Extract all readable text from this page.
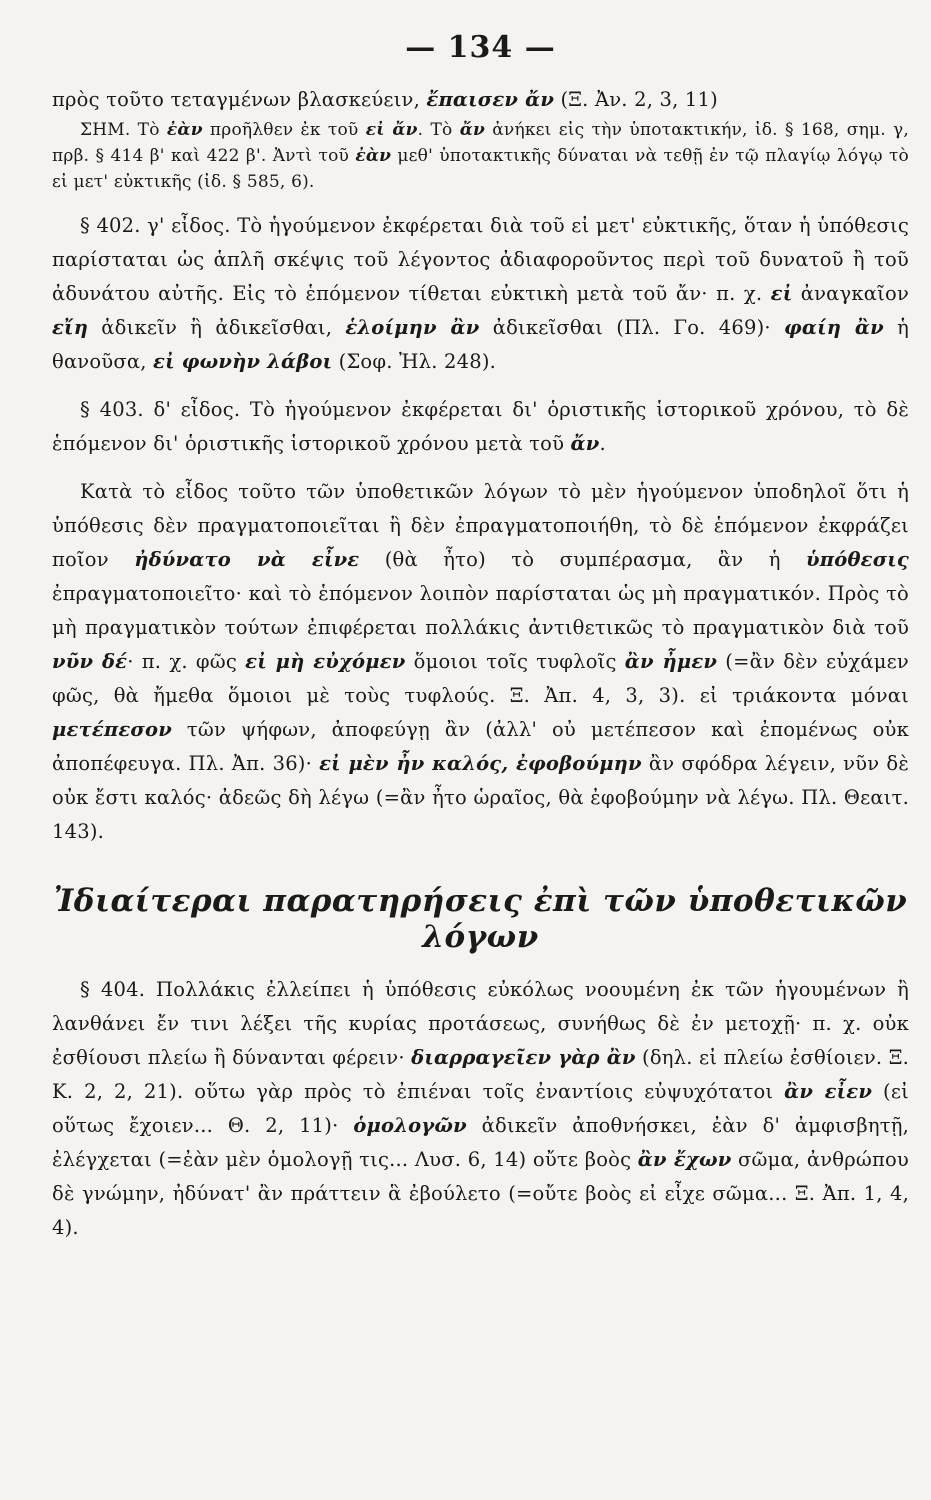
— 134 —

πρὸς τοῦτο τεταγμένων βλασκεύειν, ἔπαισεν ἄν (Ξ. Ἀν. 2, 3, 11)

ΣΗΜ. Τὸ ἐὰν προῆλθεν ἐκ τοῦ εἰ ἄν. Τὸ ἄν ἀνήκει εἰς τὴν ὑποτακτικήν, ἰδ. § 168, σημ. γ, πρβ. § 414 β' καὶ 422 β'. Ἀντὶ τοῦ ἐὰν μεθ' ὑποτακτικῆς δύναται νὰ τεθῇ ἐν τῷ πλαγίῳ λόγῳ τὸ εἰ μετ' εὐκτικῆς (ἰδ. § 585, 6).

§ 402. γ' εἶδος. Τὸ ἡγούμενον ἐκφέρεται διὰ τοῦ εἰ μετ' εὐκτικῆς, ὅταν ἡ ὑπόθεσις παρίσταται ὡς ἁπλῆ σκέψις τοῦ λέγοντος ἀδιαφοροῦντος περὶ τοῦ δυνατοῦ ἢ τοῦ ἀδυνάτου αὐτῆς. Εἰς τὸ ἑπόμενον τίθεται εὐκτικὴ μετὰ τοῦ ἄν· π. χ. εἰ ἀναγκαῖον εἴη ἀδικεῖν ἢ ἀδικεῖσθαι, ἑλοίμην ἂν ἀδικεῖσθαι (Πλ. Γο. 469)· φαίη ἂν ἡ θανοῦσα, εἰ φωνὴν λάβοι (Σοφ. Ἠλ. 248).

§ 403. δ' εἶδος. Τὸ ἡγούμενον ἐκφέρεται δι' ὁριστικῆς ἱστορικοῦ χρόνου, τὸ δὲ ἑπόμενον δι' ὁριστικῆς ἱστορικοῦ χρόνου μετὰ τοῦ ἄν.

Κατὰ τὸ εἶδος τοῦτο τῶν ὑποθετικῶν λόγων τὸ μὲν ἡγούμενον ὑποδηλοῖ ὅτι ἡ ὑπόθεσις δὲν πραγματοποιεῖται ἢ δὲν ἐπραγματοποιήθη, τὸ δὲ ἑπόμενον ἐκφράζει ποῖον ἠδύνατο νὰ εἶνε (θὰ ἦτο) τὸ συμπέρασμα, ἂν ἡ ὑπόθεσις ἐπραγματοποιεῖτο· καὶ τὸ ἑπόμενον λοιπὸν παρίσταται ὡς μὴ πραγματικόν. Πρὸς τὸ μὴ πραγματικὸν τούτων ἐπιφέρεται πολλάκις ἀντιθετικῶς τὸ πραγματικὸν διὰ τοῦ νῦν δέ· π. χ. φῶς εἰ μὴ εὐχόμεν ὅμοιοι τοῖς τυφλοῖς ἂν ἦμεν (=ἂν δὲν εὐχάμεν φῶς, θὰ ἤμεθα ὅμοιοι μὲ τοὺς τυφλούς. Ξ. Ἀπ. 4, 3, 3). εἰ τριάκοντα μόναι μετέπεσον τῶν ψήφων, ἀποφεύγῃ ἂν (ἀλλ' οὐ μετέπεσον καὶ ἐπομένως οὐκ ἀποπέφευγα. Πλ. Ἀπ. 36)· εἰ μὲν ἦν καλός, ἐφοβούμην ἂν σφόδρα λέγειν, νῦν δὲ οὐκ ἔστι καλός· ἀδεῶς δὴ λέγω (=ἂν ἦτο ὡραῖος, θὰ ἐφοβούμην νὰ λέγω. Πλ. Θεαιτ. 143).

Ἰδιαίτεραι παρατηρήσεις ἐπὶ τῶν ὑποθετικῶν λόγων

§ 404. Πολλάκις ἐλλείπει ἡ ὑπόθεσις εὐκόλως νοουμένη ἐκ τῶν ἡγουμένων ἢ λανθάνει ἔν τινι λέξει τῆς κυρίας προτάσεως, συνήθως δὲ ἐν μετοχῇ· π. χ. οὐκ ἐσθίουσι πλείω ἢ δύνανται φέρειν· διαρραγεῖεν γὰρ ἂν (δηλ. εἰ πλείω ἐσθίοιεν. Ξ. Κ. 2, 2, 21). οὕτω γὰρ πρὸς τὸ ἐπιέναι τοῖς ἐναντίοις εὐψυχότατοι ἂν εἶεν (εἰ οὕτως ἔχοιεν... Θ. 2, 11)· ὁμολογῶν ἀδικεῖν ἀποθνήσκει, ἐὰν δ' ἀμφισβητῇ, ἐλέγχεται (=ἐὰν μὲν ὁμολογῇ τις... Λυσ. 6, 14) οὔτε βοὸς ἂν ἔχων σῶμα, ἀνθρώπου δὲ γνώμην, ἠδύνατ' ἂν πράττειν ἃ ἐβούλετο (=οὔτε βοὸς εἰ εἶχε σῶμα... Ξ. Ἀπ. 1, 4, 4).
